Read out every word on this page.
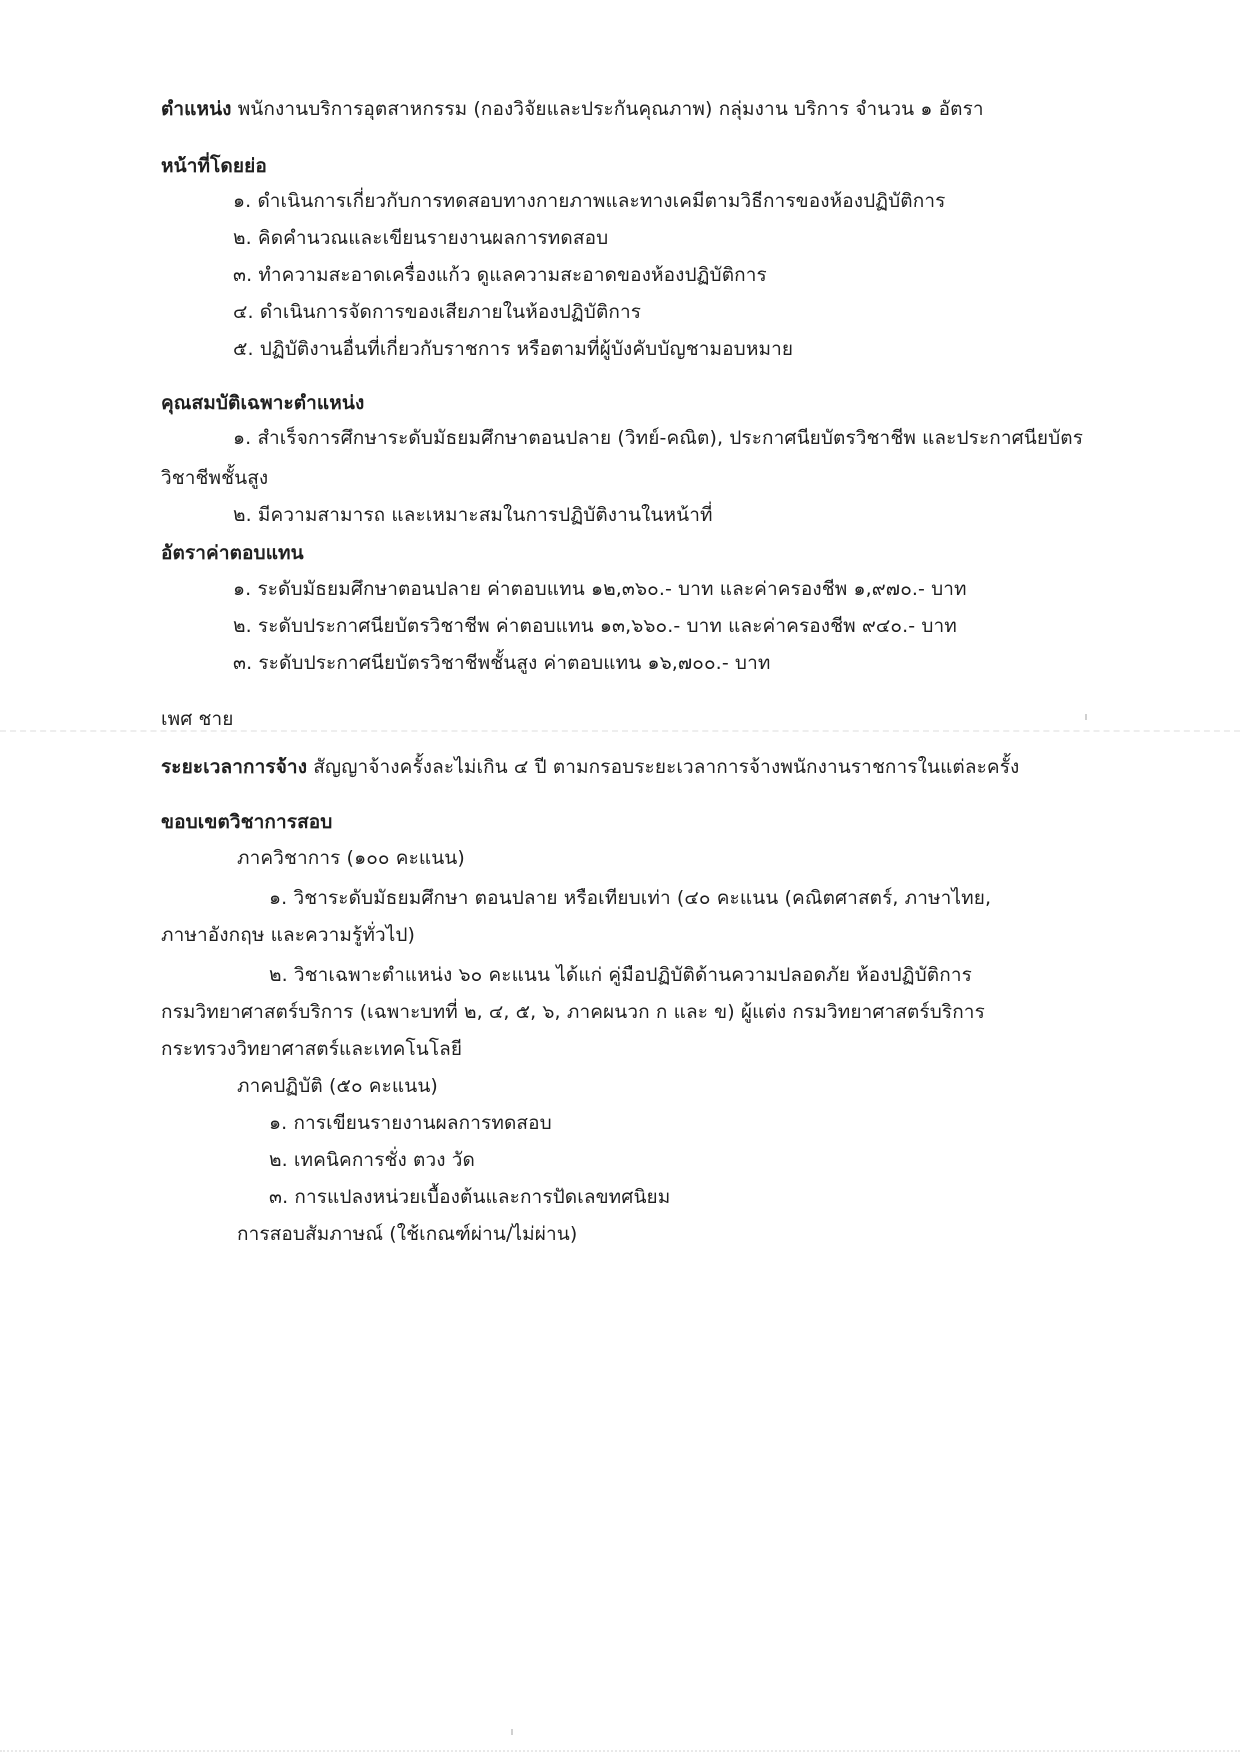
ตำแหน่ง พนักงานบริการอุตสาหกรรม (กองวิจัยและประกันคุณภาพ) กลุ่มงาน บริการ จำนวน ๑ อัตรา
หน้าที่โดยย่อ
๑. ดำเนินการเกี่ยวกับการทดสอบทางกายภาพและทางเคมีตามวิธีการของห้องปฏิบัติการ
๒. คิดคำนวณและเขียนรายงานผลการทดสอบ
๓. ทำความสะอาดเครื่องแก้ว ดูแลความสะอาดของห้องปฏิบัติการ
๔. ดำเนินการจัดการของเสียภายในห้องปฏิบัติการ
๕. ปฏิบัติงานอื่นที่เกี่ยวกับราชการ หรือตามที่ผู้บังคับบัญชามอบหมาย
คุณสมบัติเฉพาะตำแหน่ง
๑. สำเร็จการศึกษาระดับมัธยมศึกษาตอนปลาย (วิทย์-คณิต), ประกาศนียบัตรวิชาชีพ และประกาศนียบัตร
วิชาชีพชั้นสูง
๒. มีความสามารถ และเหมาะสมในการปฏิบัติงานในหน้าที่
อัตราค่าตอบแทน
๑. ระดับมัธยมศึกษาตอนปลาย ค่าตอบแทน ๑๒,๓๖๐.- บาท และค่าครองชีพ ๑,๙๗๐.- บาท
๒. ระดับประกาศนียบัตรวิชาชีพ ค่าตอบแทน ๑๓,๖๖๐.- บาท และค่าครองชีพ ๙๔๐.- บาท
๓. ระดับประกาศนียบัตรวิชาชีพชั้นสูง ค่าตอบแทน ๑๖,๗๐๐.- บาท
เพศ ชาย
ระยะเวลาการจ้าง สัญญาจ้างครั้งละไม่เกิน ๔ ปี ตามกรอบระยะเวลาการจ้างพนักงานราชการในแต่ละครั้ง
ขอบเขตวิชาการสอบ
ภาควิชาการ (๑๐๐ คะแนน)
๑. วิชาระดับมัธยมศึกษา ตอนปลาย หรือเทียบเท่า (๔๐ คะแนน (คณิตศาสตร์, ภาษาไทย,
ภาษาอังกฤษ และความรู้ทั่วไป)
๒. วิชาเฉพาะตำแหน่ง ๖๐ คะแนน ได้แก่ คู่มือปฏิบัติด้านความปลอดภัย ห้องปฏิบัติการ
กรมวิทยาศาสตร์บริการ (เฉพาะบทที่ ๒, ๔, ๕, ๖, ภาคผนวก ก และ ข) ผู้แต่ง กรมวิทยาศาสตร์บริการ
กระทรวงวิทยาศาสตร์และเทคโนโลยี
ภาคปฏิบัติ (๕๐ คะแนน)
๑. การเขียนรายงานผลการทดสอบ
๒. เทคนิคการชั่ง ตวง วัด
๓. การแปลงหน่วยเบื้องต้นและการปัดเลขทศนิยม
การสอบสัมภาษณ์ (ใช้เกณฑ์ผ่าน/ไม่ผ่าน)
